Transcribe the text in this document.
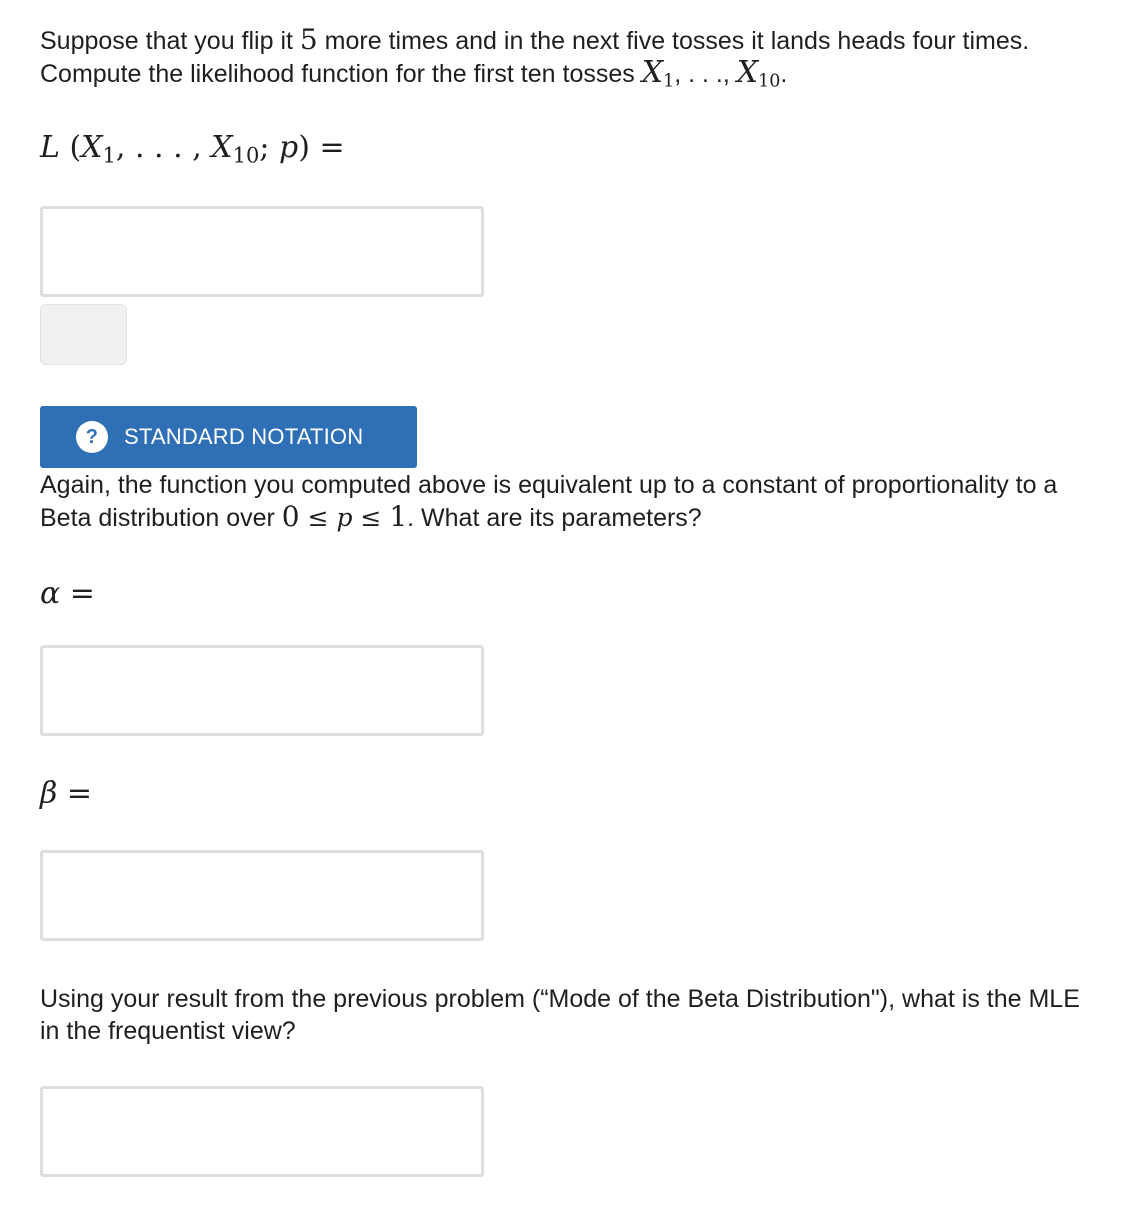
Suppose that you flip it 5 more times and in the next five tosses it lands heads four times. Compute the likelihood function for the first ten tosses $X_1$, . . ., $X_{10}$.

L ($X_1$, . . . , $X_{10}$; p) =
? STANDARD NOTATION

Again, the function you computed above is equivalent up to a constant of proportionality to a Beta distribution over 0 ≤ p ≤ 1. What are its parameters?

α =
β =

Using your result from the previous problem (“Mode of the Beta Distribution"), what is the MLE in the frequentist view?
